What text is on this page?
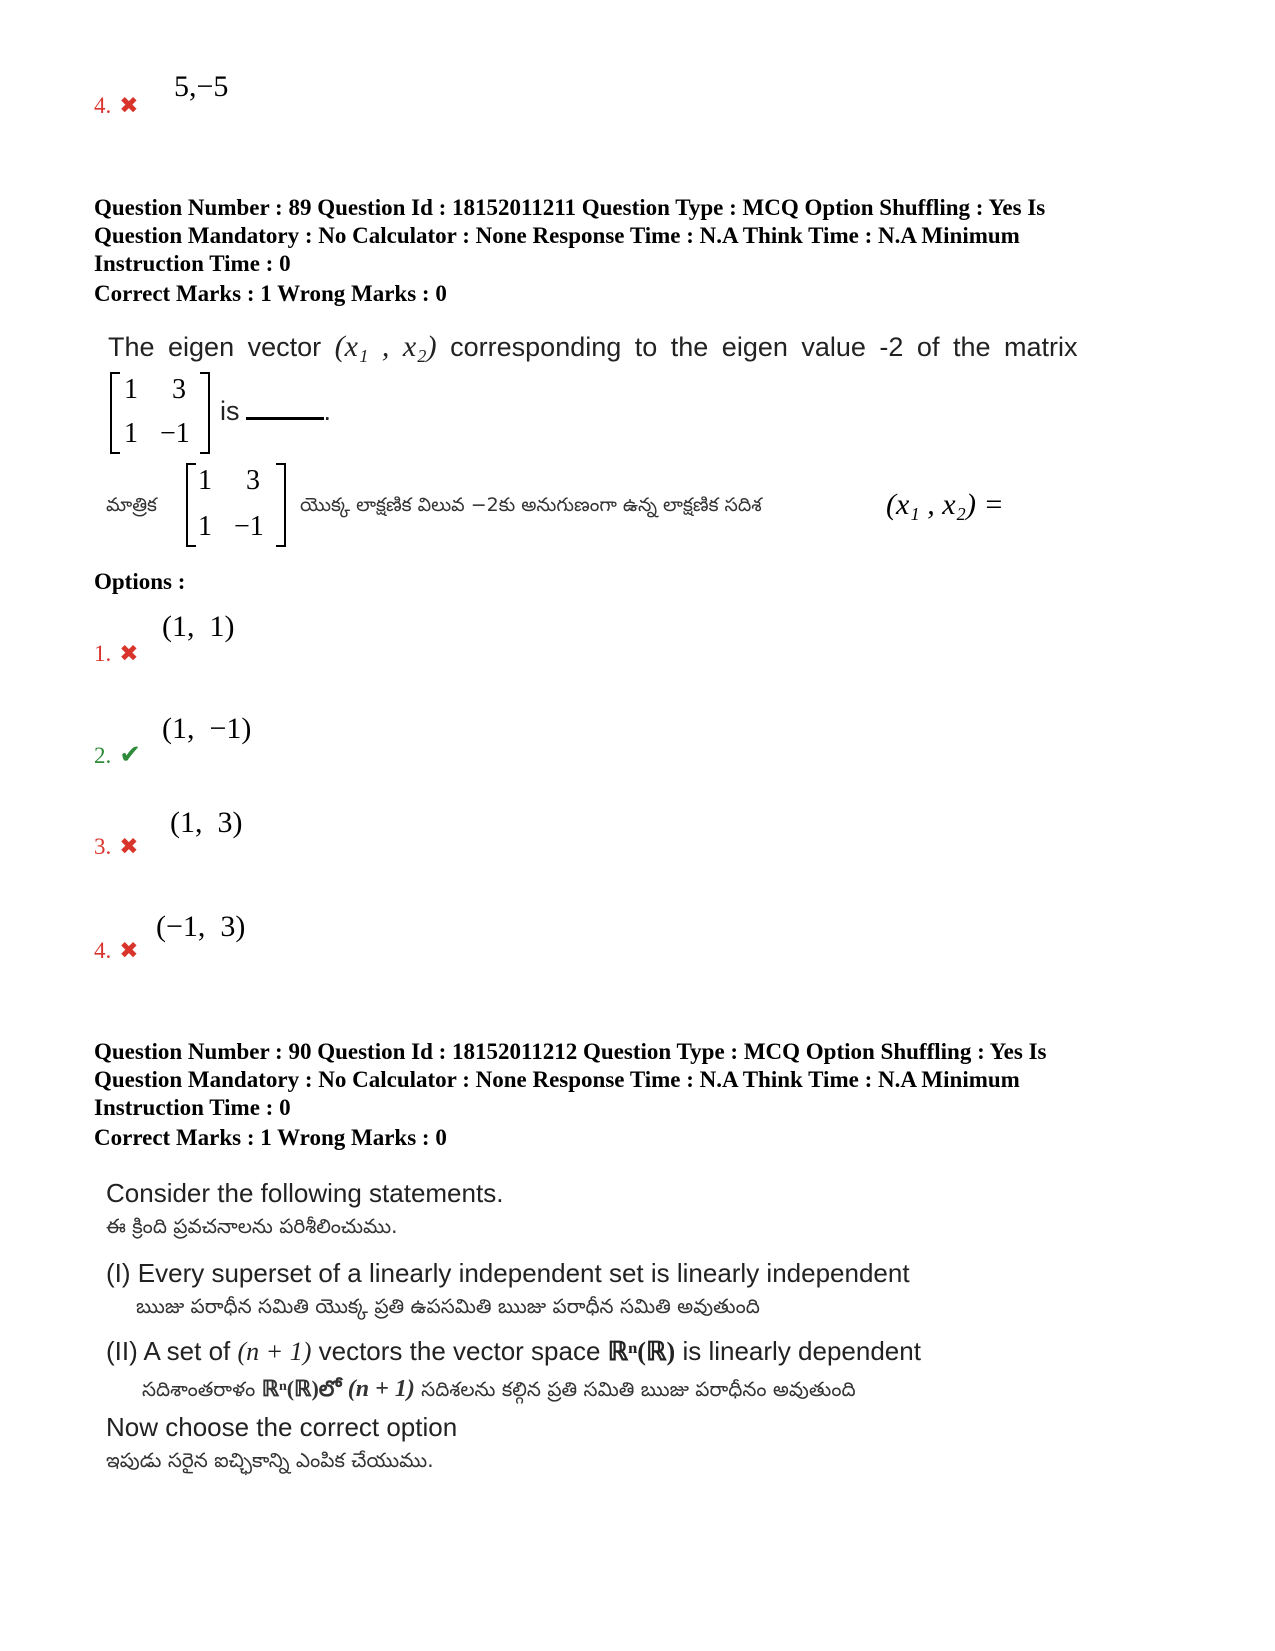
5,−5
4. ✖
Question Number : 89 Question Id : 18152011211 Question Type : MCQ Option Shuffling : Yes Is
Question Mandatory : No Calculator : None Response Time : N.A Think Time : N.A Minimum
Instruction Time : 0
Correct Marks : 1 Wrong Marks : 0
The eigen vector (x₁ , x₂) corresponding to the eigen value -2 of the matrix
1 3
1 −1
is	.
మాత్రిక
1 3
1 −1
యొక్క లాక్షణిక విలువ −2కు అనుగుణంగా ఉన్న లాక్షణిక సదిశ	(x₁ , x₂) =
Options :
(1,  1)
1. ✖
(1,  −1)
2. ✔
(1,  3)
3. ✖
(−1,  3)
4. ✖
Question Number : 90 Question Id : 18152011212 Question Type : MCQ Option Shuffling : Yes Is
Question Mandatory : No Calculator : None Response Time : N.A Think Time : N.A Minimum
Instruction Time : 0
Correct Marks : 1 Wrong Marks : 0
Consider the following statements.
ఈ క్రింది ప్రవచనాలను పరిశీలించుము.
(I) Every superset of a linearly independent set is linearly independent
ఋజు పరాధీన సమితి యొక్క ప్రతి ఉపసమితి ఋజు పరాధీన సమితి అవుతుంది
(II) A set of (n + 1) vectors the vector space ℝⁿ(ℝ) is linearly dependent
సదిశాంతరాళం ℝⁿ(ℝ)లో (n + 1) సదిశలను కల్గిన ప్రతి సమితి ఋజు పరాధీనం అవుతుంది
Now choose the correct option
ఇపుడు సరైన ఐచ్ఛికాన్ని ఎంపిక చేయుము.
